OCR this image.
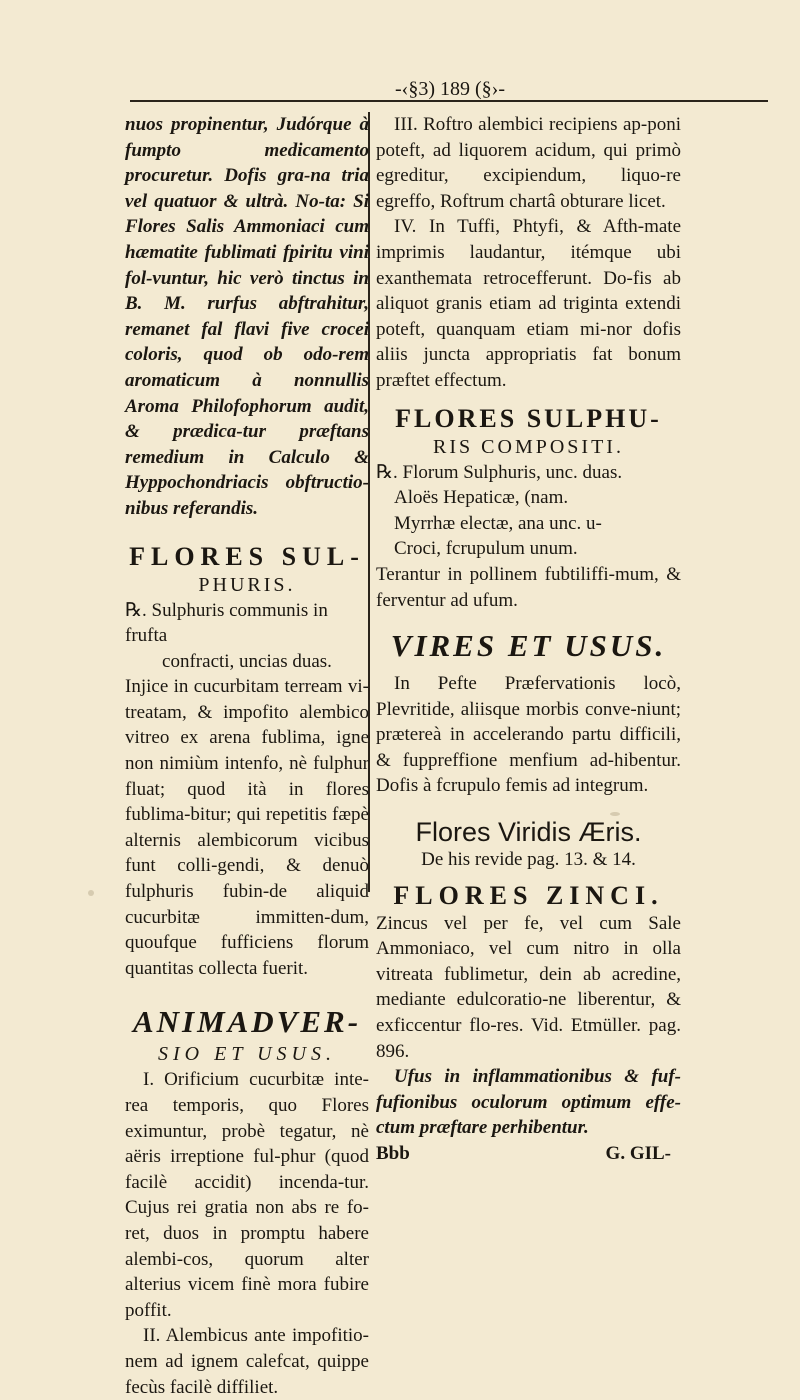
-‹§3) 189 (§›-

nuos propinentur, Judórque à fumpto medicamento procuretur. Dofis gra-na tria vel quatuor & ultrà. No-ta: Si Flores Salis Ammoniaci cum hæmatite fublimati fpiritu vini fol-vuntur, hic verò tinctus in B. M. rurfus abftrahitur, remanet fal flavi five crocei coloris, quod ob odo-rem aromaticum à nonnullis Aroma Philofophorum audit, & prædica-tur præftans remedium in Calculo & Hyppochondriacis obftructio-nibus referandis.

FLORES SUL-

PHURIS.

℞. Sulphuris communis in frufta

confracti, uncias duas.

Injice in cucurbitam terream vi-treatam, & impofito alembico vitreo ex arena fublima, igne non nimiùm intenfo, nè fulphur fluat; quod ità in flores fublima-bitur; qui repetitis fæpè alternis alembicorum vicibus funt colli-gendi, & denuò fulphuris fubin-de aliquid cucurbitæ immitten-dum, quoufque fufficiens florum quantitas collecta fuerit.

ANIMADVER-

SIO ET USUS.

I. Orificium cucurbitæ inte-rea temporis, quo Flores eximuntur, probè tegatur, nè aëris irreptione ful-phur (quod facilè accidit) incenda-tur. Cujus rei gratia non abs re fo-ret, duos in promptu habere alembi-cos, quorum alter alterius vicem finè mora fubire poffit.

II. Alembicus ante impofitio-nem ad ignem calefcat, quippe fecùs facilè diffiliet.

III. Roftro alembici recipiens ap-poni poteft, ad liquorem acidum, qui primò egreditur, excipiendum, liquo-re egreffo, Roftrum chartâ obturare licet.

IV. In Tuffi, Phtyfi, & Afth-mate imprimis laudantur, itémque ubi exanthemata retrocefferunt. Do-fis ab aliquot granis etiam ad triginta extendi poteft, quanquam etiam mi-nor dofis aliis juncta appropriatis fat bonum præftet effectum.

FLORES SULPHU-

RIS COMPOSITI.

℞. Florum Sulphuris, unc. duas.

Aloës Hepaticæ, (nam.

Myrrhæ electæ, ana unc. u-

Croci, fcrupulum unum.

Terantur in pollinem fubtiliffi-mum, & ferventur ad ufum.

VIRES ET USUS.

In Pefte Præfervationis locò, Plevritide, aliisque morbis conve-niunt; prætereà in accelerando partu difficili, & fuppreffione menfium ad-hibentur. Dofis à fcrupulo femis ad integrum.

Flores Viridis Æris.

De his revide pag. 13. & 14.

FLORES ZINCI.

Zincus vel per fe, vel cum Sale Ammoniaco, vel cum nitro in olla vitreata fublimetur, dein ab acredine, mediante edulcoratio-ne liberentur, & exficcentur flo-res. Vid. Etmüller. pag. 896.

Ufus in inflammationibus & fuf-fufionibus oculorum optimum effe-ctum præftare perhibentur.

Bbb	G. GIL-
